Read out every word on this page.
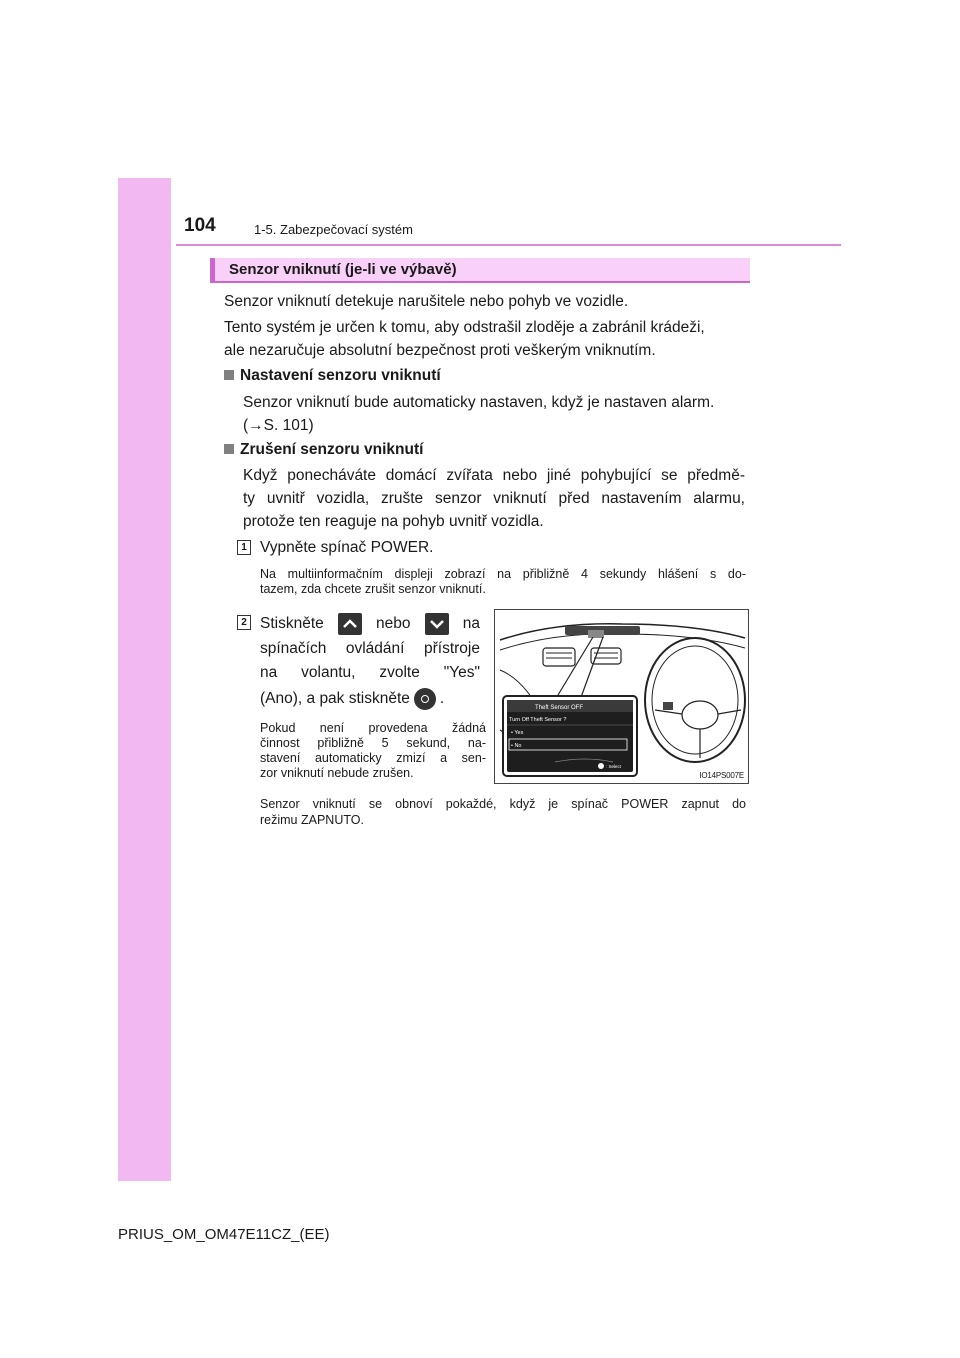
104	1-5. Zabezpečovací systém
Senzor vniknutí (je-li ve výbavě)
Senzor vniknutí detekuje narušitele nebo pohyb ve vozidle.
Tento systém je určen k tomu, aby odstrašil zloděje a zabránil krádeži,
ale nezaručuje absolutní bezpečnost proti veškerým vniknutím.
Nastavení senzoru vniknutí
Senzor vniknutí bude automaticky nastaven, když je nastaven alarm.
(→S. 101)
Zrušení senzoru vniknutí
Když ponecháváte domácí zvířata nebo jiné pohybující se předmě-
ty uvnitř vozidla, zrušte senzor vniknutí před nastavením alarmu,
protože ten reaguje na pohyb uvnitř vozidla.
1 Vypněte spínač POWER.
Na multiinformačním displeji zobrazí na přibližně 4 sekundy hlášení s do-
tazem, zda chcete zrušit senzor vniknutí.
2 Stiskněte	nebo	na
spínačích ovládání přístroje
na volantu, zvolte "Yes"
(Ano), a pak stiskněte .
Pokud není provedena žádná
činnost přibližně 5 sekund, na-
stavení automaticky zmizí a sen-
zor vniknutí nebude zrušen.
Theft Sensor OFF
Turn Off Theft Sensor ?
• Yes
• No
: Select
IO14PS007E
Senzor vniknutí se obnoví pokaždé, když je spínač POWER zapnut do
režimu ZAPNUTO.
PRIUS_OM_OM47E11CZ_(EE)
